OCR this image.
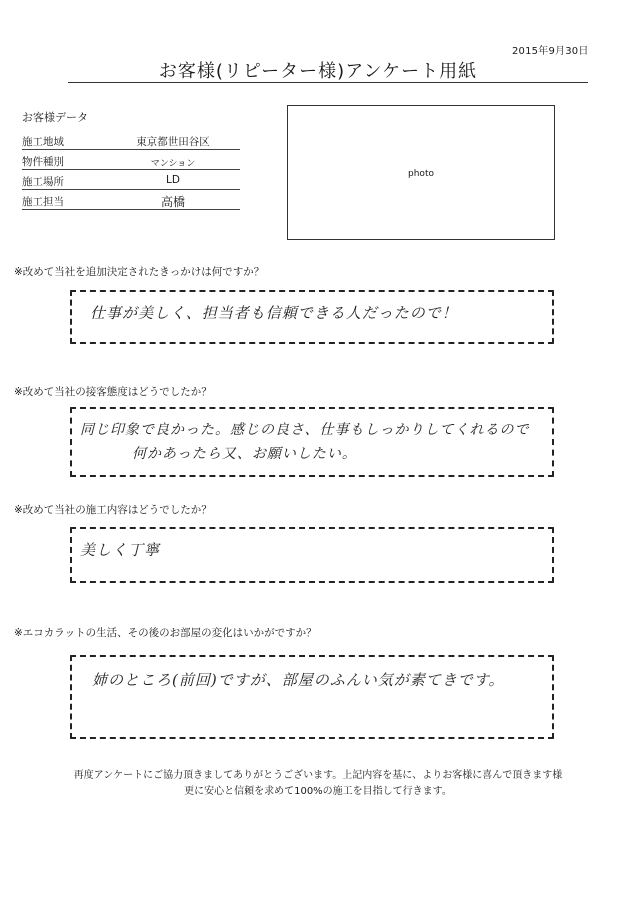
2015年9月30日
お客様(リピーター様)アンケート用紙
お客様データ
施工地域	東京都世田谷区
物件種別	マンション
施工場所	LD
施工担当	高橋
photo
※改めて当社を追加決定されたきっかけは何ですか？
仕事が美しく、担当者も信頼できる人だったので！
※改めて当社の接客態度はどうでしたか？
同じ印象で良かった。感じの良さ、仕事もしっかりしてくれるので
何かあったら又、お願いしたい。
※改めて当社の施工内容はどうでしたか？
美しく丁寧
※エコカラットの生活、その後のお部屋の変化はいかがですか？
姉のところ(前回)ですが、部屋のふんい気が素てきです。
再度アンケートにご協力頂きましてありがとうございます。上記内容を基に、よりお客様に喜んで頂きます様
更に安心と信頼を求めて100%の施工を目指して行きます。
